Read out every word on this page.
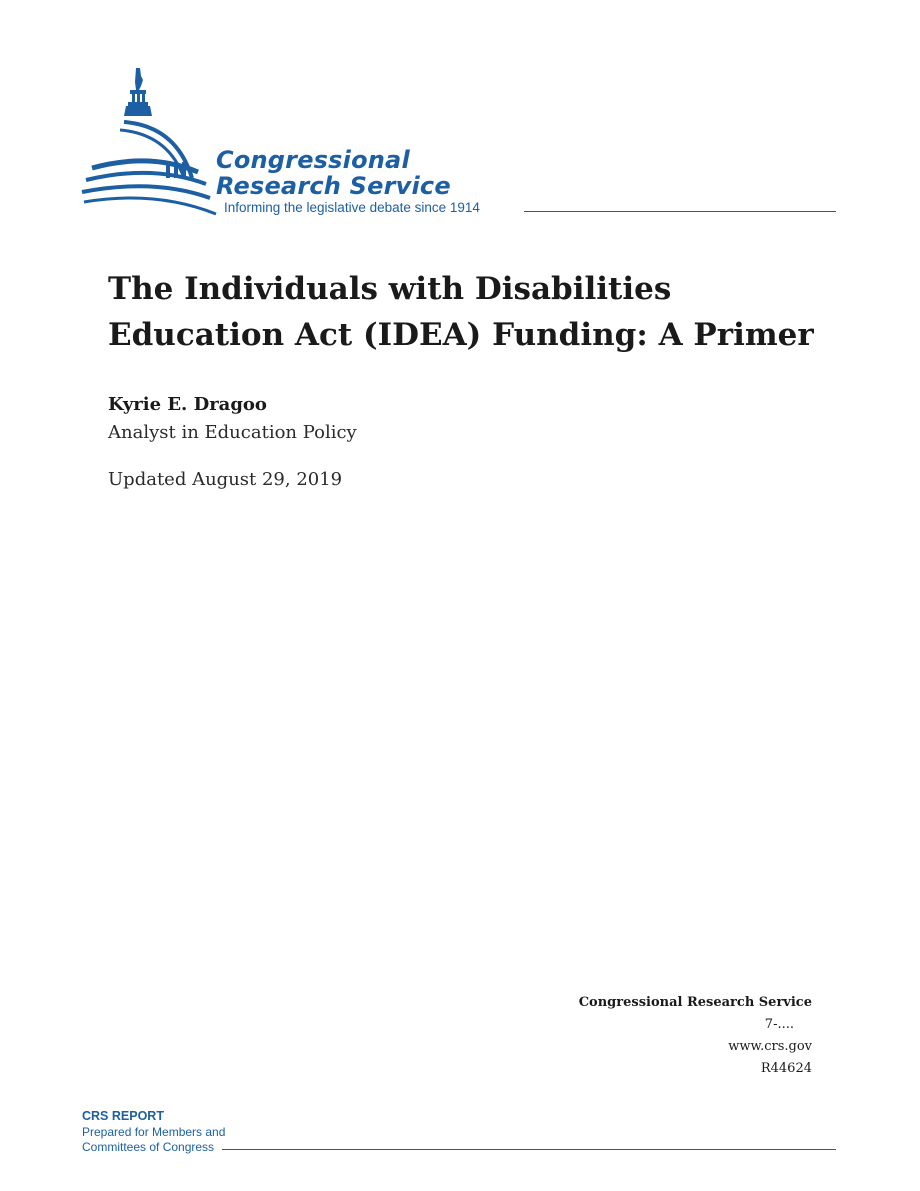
Congressional
Research Service
Informing the legislative debate since 1914
The Individuals with Disabilities Education Act (IDEA) Funding: A Primer
Kyrie E. Dragoo
Analyst in Education Policy
Updated August 29, 2019
Congressional Research Service
7-....
www.crs.gov
R44624
CRS REPORT
Prepared for Members and
Committees of Congress
